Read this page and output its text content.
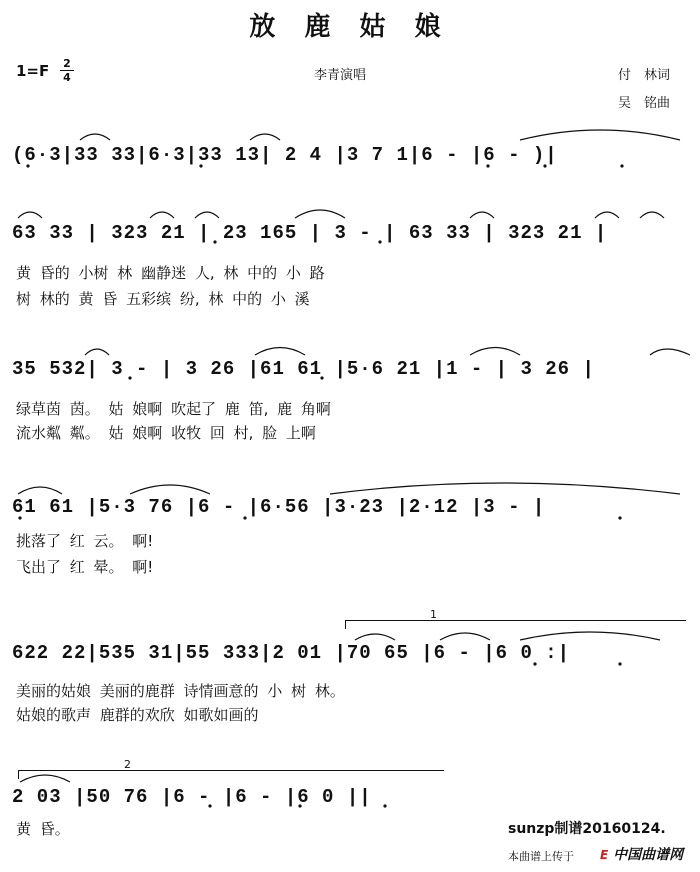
放 鹿 姑 娘
1=F 2
4	李青演唱	付　林词
吴　铭曲
(6·3|33 33|6·3|33 13| 2 4 |3 7 1|6 - |6 - )|
63 33 | 323 21 | 23 165 | 3 - | 63 33 | 323 21 |
黄 昏的 小树 林 幽静迷 人, 林 中的 小 路
树 林的 黄 昏 五彩缤 纷, 林 中的 小 溪
35 532| 3 - | 3 26 |61 61 |5·6 21 |1 - | 3 26 |
绿草茵 茵。 姑 娘啊 吹起了 鹿 笛, 鹿 角啊
流水粼 粼。 姑 娘啊 收牧 回 村, 脸 上啊
61 61 |5·3 76 |6 - |6·56 |3·23 |2·12 |3 - |
挑落了 红 云。 啊!
飞出了 红 晕。 啊!
1
622 22|535 31|55 333|2 01 |70 65 |6 - |6 0 :|
美丽的姑娘 美丽的鹿群 诗情画意的 小 树 林。
姑娘的歌声 鹿群的欢欣 如歌如画的
2
2 03 |50 76 |6 - |6 - |6 0 ||
黄 昏。	sunzp制谱20160124.
本曲谱上传于 E 中国曲谱网
